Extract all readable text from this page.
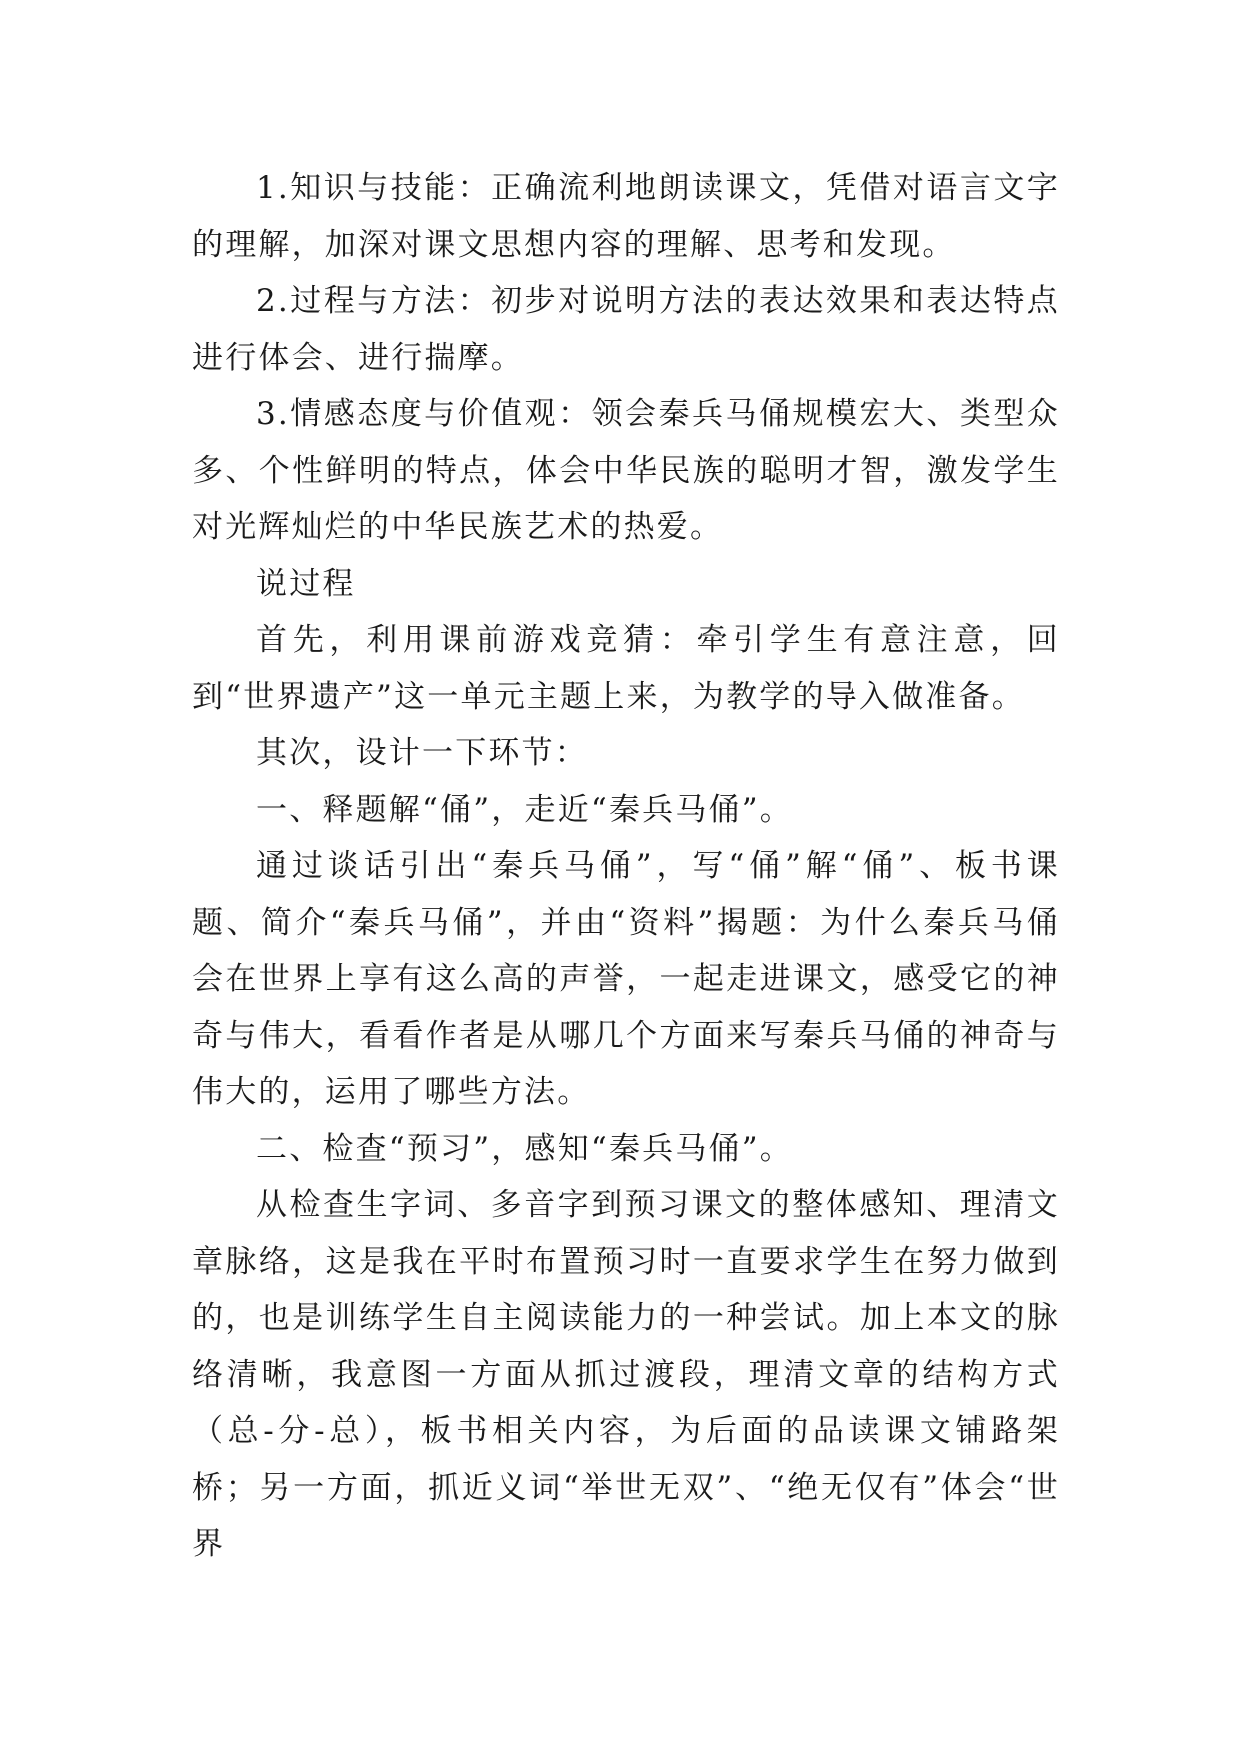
1.知识与技能：正确流利地朗读课文，凭借对语言文字的理解，加深对课文思想内容的理解、思考和发现。

2.过程与方法：初步对说明方法的表达效果和表达特点进行体会、进行揣摩。

3.情感态度与价值观：领会秦兵马俑规模宏大、类型众多、个性鲜明的特点，体会中华民族的聪明才智，激发学生对光辉灿烂的中华民族艺术的热爱。

说过程

首先，利用课前游戏竞猜：牵引学生有意注意，回到“世界遗产”这一单元主题上来，为教学的导入做准备。

其次，设计一下环节：

一、释题解“俑”，走近“秦兵马俑”。

通过谈话引出“秦兵马俑”，写“俑”解“俑”、板书课题、简介“秦兵马俑”，并由“资料”揭题：为什么秦兵马俑会在世界上享有这么高的声誉，一起走进课文，感受它的神奇与伟大，看看作者是从哪几个方面来写秦兵马俑的神奇与伟大的，运用了哪些方法。

二、检查“预习”，感知“秦兵马俑”。

从检查生字词、多音字到预习课文的整体感知、理清文章脉络，这是我在平时布置预习时一直要求学生在努力做到的，也是训练学生自主阅读能力的一种尝试。加上本文的脉络清晰，我意图一方面从抓过渡段，理清文章的结构方式（总-分-总），板书相关内容，为后面的品读课文铺路架桥；另一方面，抓近义词“举世无双”、“绝无仅有”体会“世界
